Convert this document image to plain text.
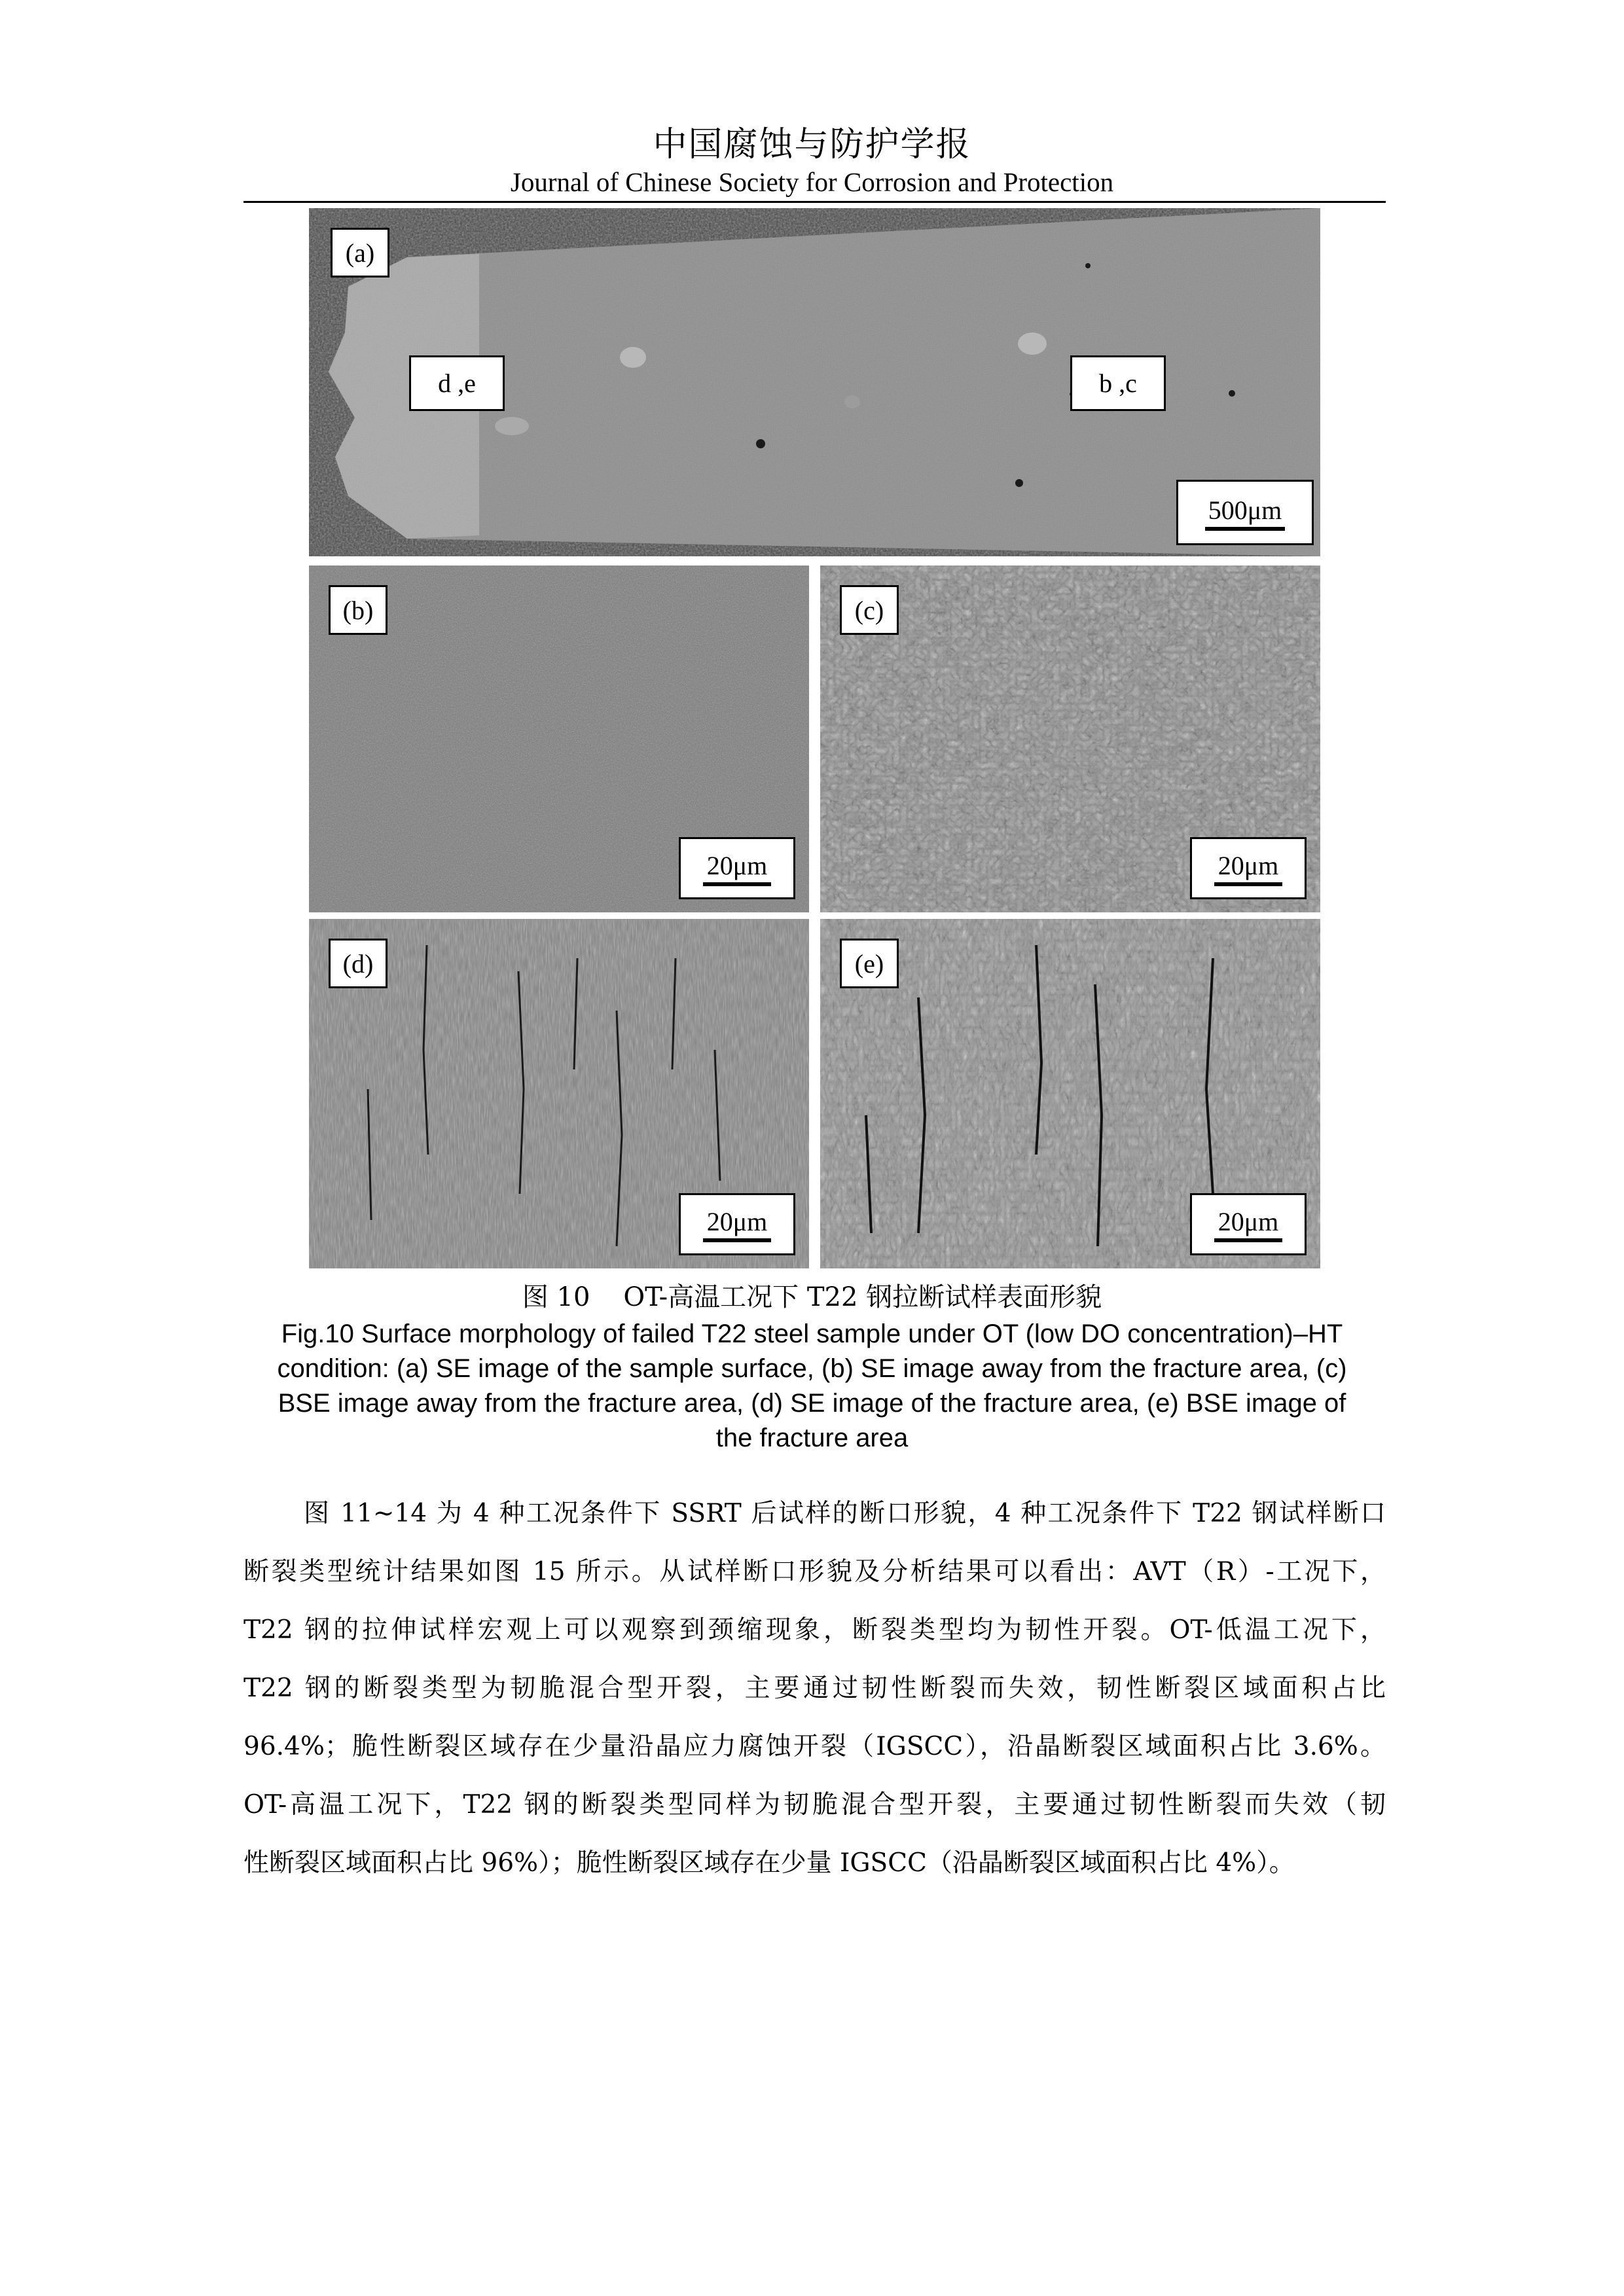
中国腐蚀与防护学报
Journal of Chinese Society for Corrosion and Protection
(a)
d ,e	b ,c
500μm
(b)
20μm
(c)
20μm
(d)
20μm
(e)
20μm
图 10    OT-高温工况下 T22 钢拉断试样表面形貌
Fig.10 Surface morphology of failed T22 steel sample under OT (low DO concentration)–HT condition: (a) SE image of the sample surface, (b) SE image away from the fracture area, (c) BSE image away from the fracture area, (d) SE image of the fracture area, (e) BSE image of the fracture area
图 11~14 为 4 种工况条件下 SSRT 后试样的断口形貌，4 种工况条件下 T22 钢试样断口
断裂类型统计结果如图 15 所示。从试样断口形貌及分析结果可以看出：AVT（R）-工况下，
T22 钢的拉伸试样宏观上可以观察到颈缩现象，断裂类型均为韧性开裂。OT-低温工况下，
T22 钢的断裂类型为韧脆混合型开裂，主要通过韧性断裂而失效，韧性断裂区域面积占比
96.4%；脆性断裂区域存在少量沿晶应力腐蚀开裂（IGSCC），沿晶断裂区域面积占比 3.6%。
OT-高温工况下，T22 钢的断裂类型同样为韧脆混合型开裂，主要通过韧性断裂而失效（韧
性断裂区域面积占比 96%）；脆性断裂区域存在少量 IGSCC（沿晶断裂区域面积占比 4%）。
